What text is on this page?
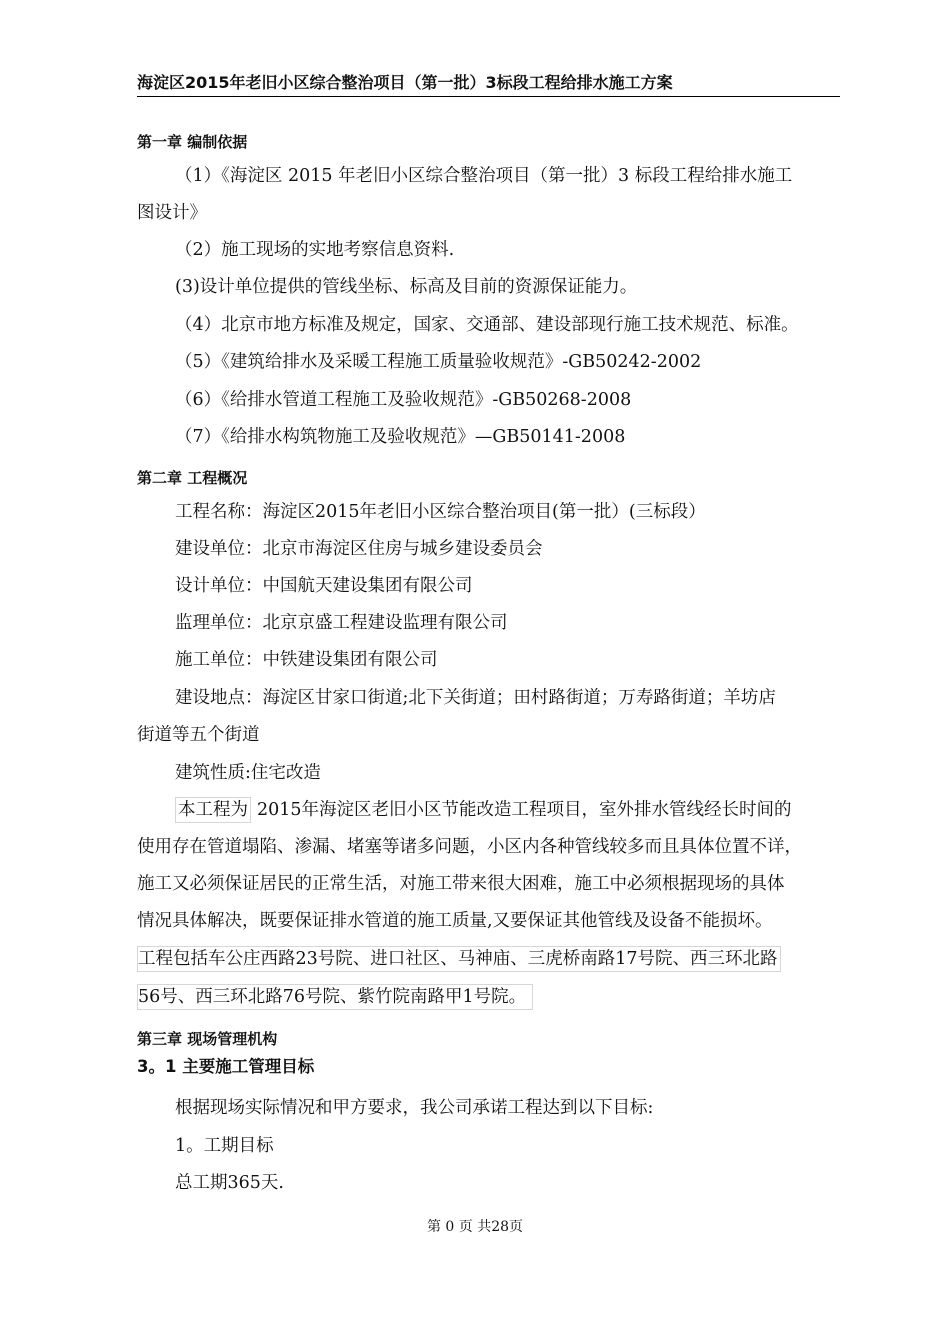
海淀区2015年老旧小区综合整治项目（第一批）3标段工程给排水施工方案
第一章 编制依据
（1）《海淀区 2015 年老旧小区综合整治项目（第一批）3 标段工程给排水施工
图设计》
（2）施工现场的实地考察信息资料.
(3)设计单位提供的管线坐标、标高及目前的资源保证能力。
（4）北京市地方标准及规定，国家、交通部、建设部现行施工技术规范、标准。
（5）《建筑给排水及采暖工程施工质量验收规范》-GB50242-2002
（6）《给排水管道工程施工及验收规范》-GB50268-2008
（7）《给排水构筑物施工及验收规范》—GB50141-2008
第二章 工程概况
工程名称：海淀区2015年老旧小区综合整治项目(第一批）(三标段）
建设单位：北京市海淀区住房与城乡建设委员会
设计单位：中国航天建设集团有限公司
监理单位：北京京盛工程建设监理有限公司
施工单位：中铁建设集团有限公司
建设地点：海淀区甘家口街道;北下关街道；田村路街道；万寿路街道；羊坊店
街道等五个街道
建筑性质:住宅改造
本工程为 2015年海淀区老旧小区节能改造工程项目，室外排水管线经长时间的
使用存在管道塌陷、渗漏、堵塞等诸多问题，小区内各种管线较多而且具体位置不详，
施工又必须保证居民的正常生活，对施工带来很大困难，施工中必须根据现场的具体
情况具体解决，既要保证排水管道的施工质量,又要保证其他管线及设备不能损坏。
工程包括车公庄西路23号院、进口社区、马神庙、三虎桥南路17号院、西三环北路
56号、西三环北路76号院、紫竹院南路甲1号院。
第三章 现场管理机构
3。1 主要施工管理目标
根据现场实际情况和甲方要求，我公司承诺工程达到以下目标:
1。工期目标
总工期365天.
第 0 页 共28页
